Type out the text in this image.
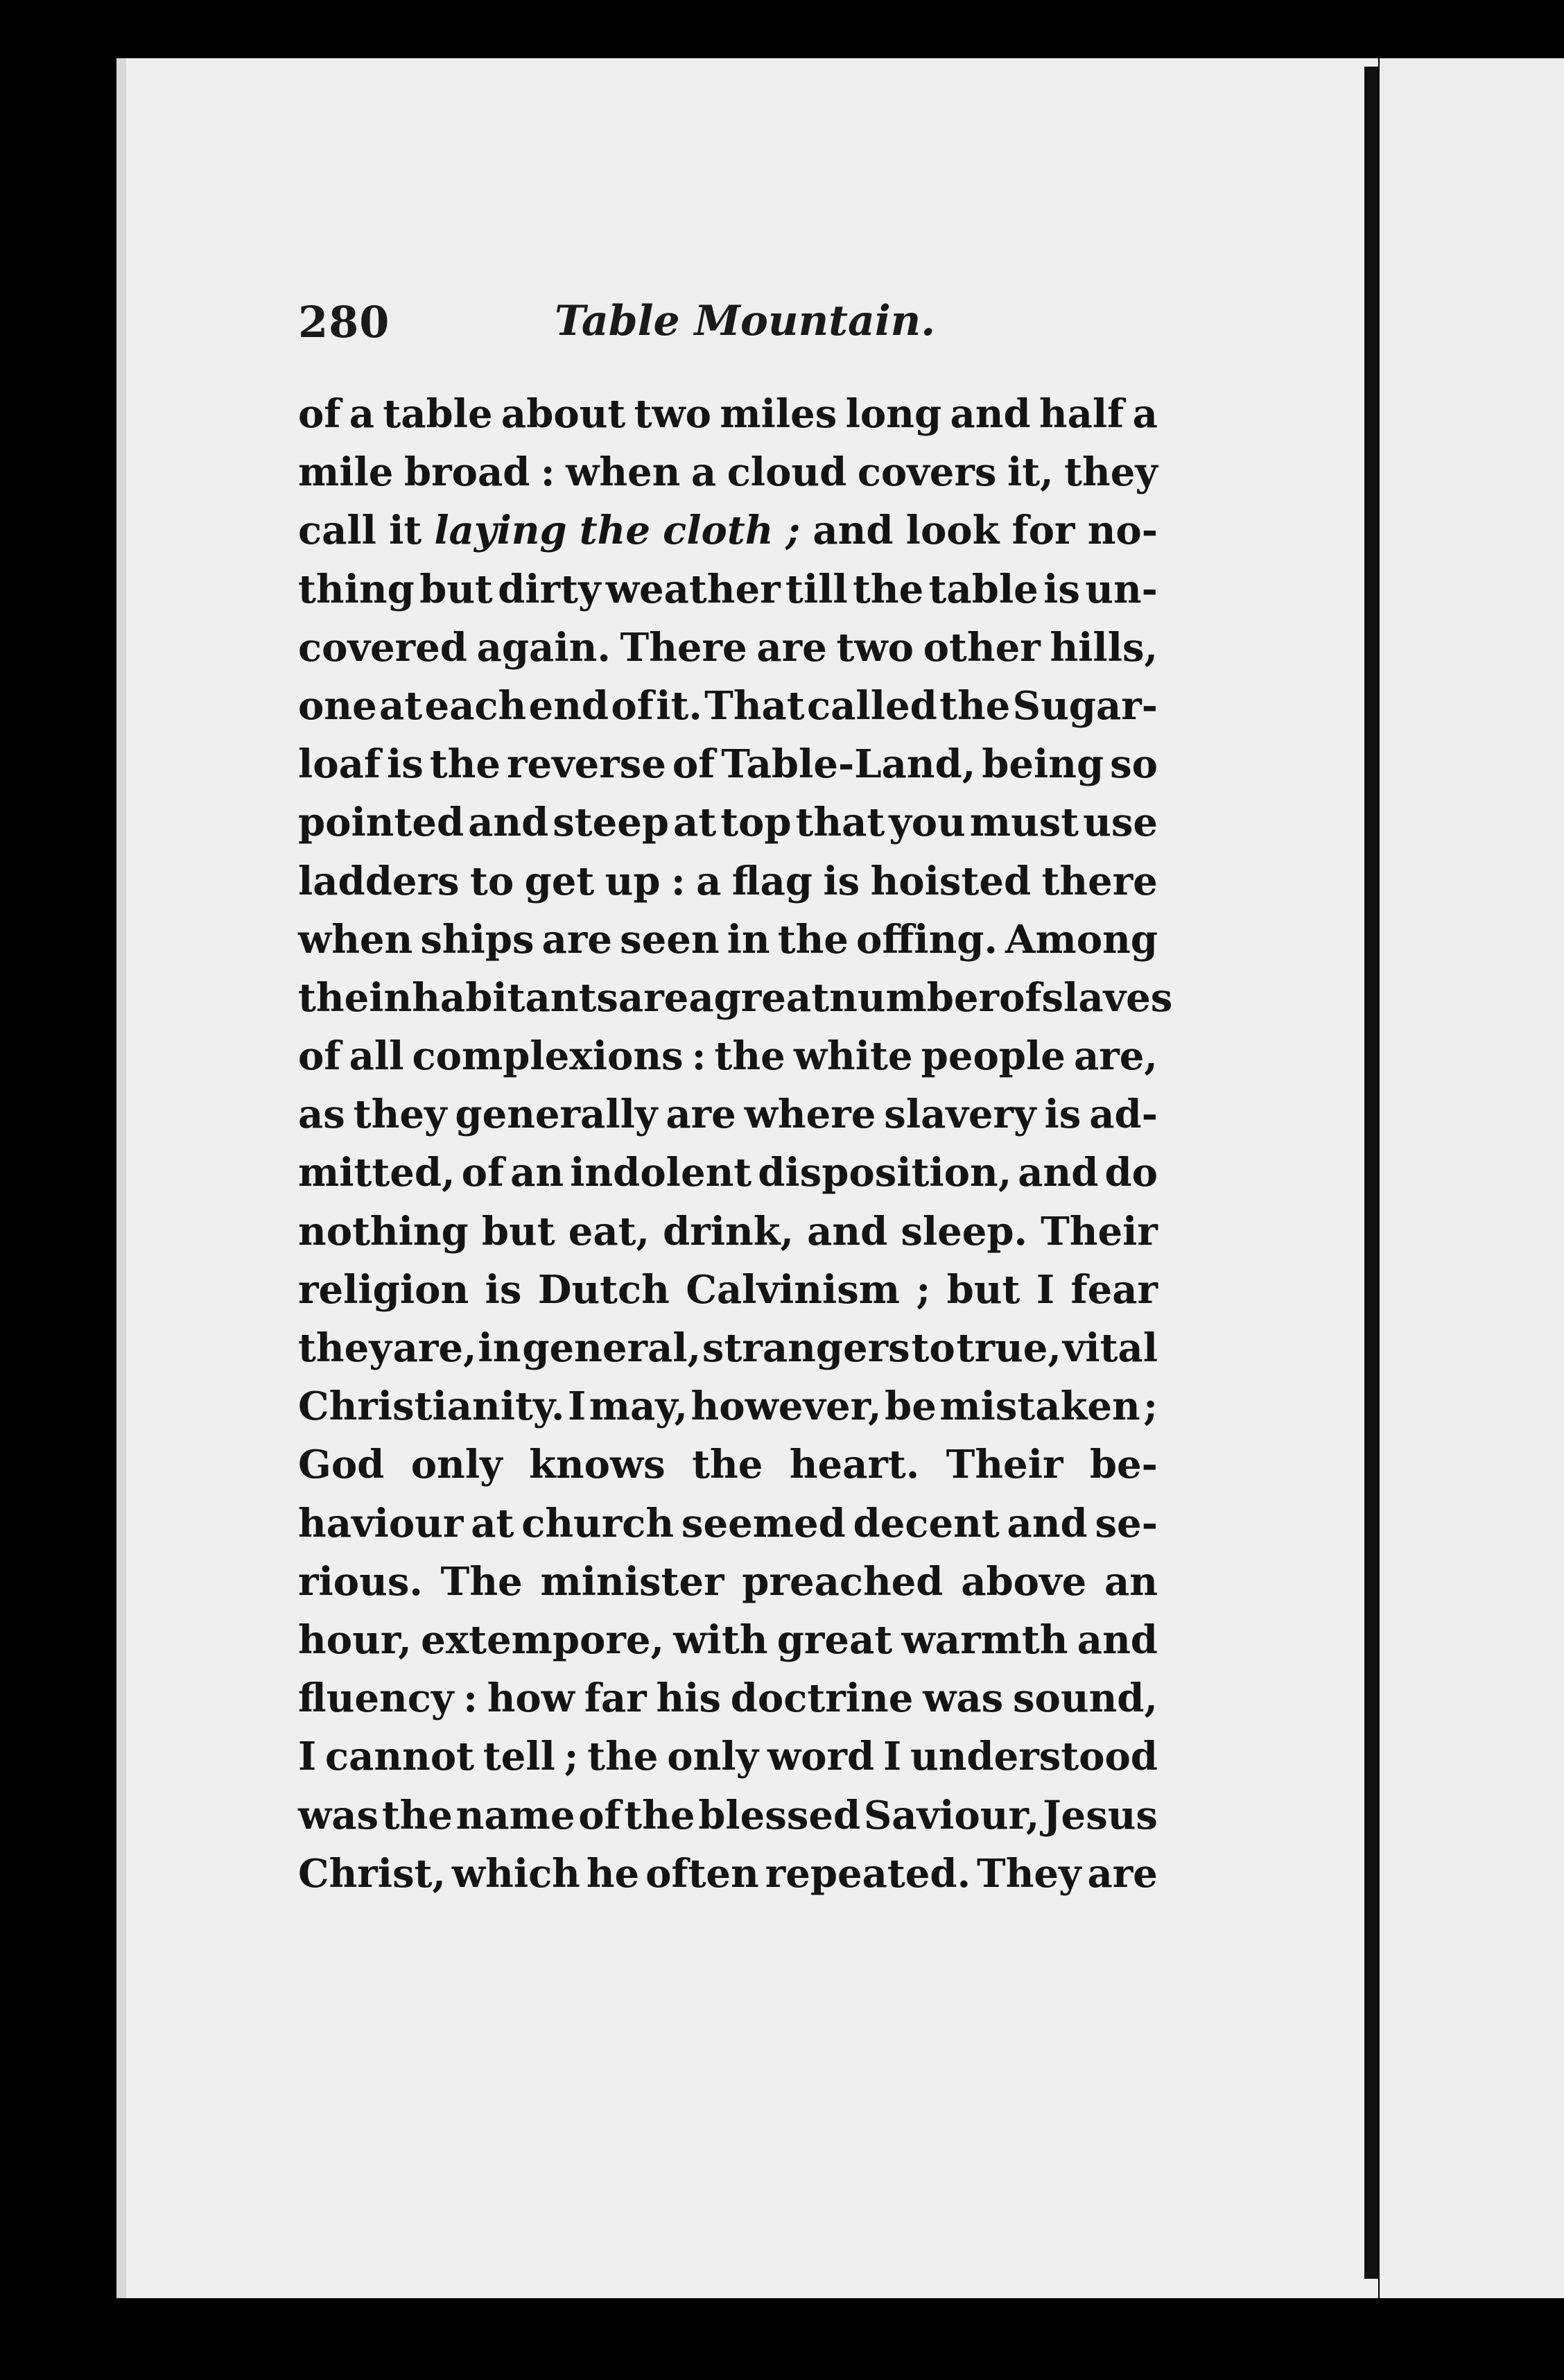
280	Table Mountain.
of a table about two miles long and half a
mile broad : when a cloud covers it, they
call it laying the cloth ; and look for no-
thing but dirty weather till the table is un-
covered again. There are two other hills,
one at each end of it. That called the Sugar-
loaf is the reverse of Table-Land, being so
pointed and steep at top that you must use
ladders to get up : a flag is hoisted there
when ships are seen in the offing. Among
the inhabitants are a great number of slaves
of all complexions : the white people are,
as they generally are where slavery is ad-
mitted, of an indolent disposition, and do
nothing but eat, drink, and sleep. Their
religion is Dutch Calvinism ; but I fear
they are, in general, strangers to true, vital
Christianity. I may, however, be mistaken ;
God only knows the heart. Their be-
haviour at church seemed decent and se-
rious. The minister preached above an
hour, extempore, with great warmth and
fluency : how far his doctrine was sound,
I cannot tell ; the only word I understood
was the name of the blessed Saviour, Jesus
Christ, which he often repeated. They are
